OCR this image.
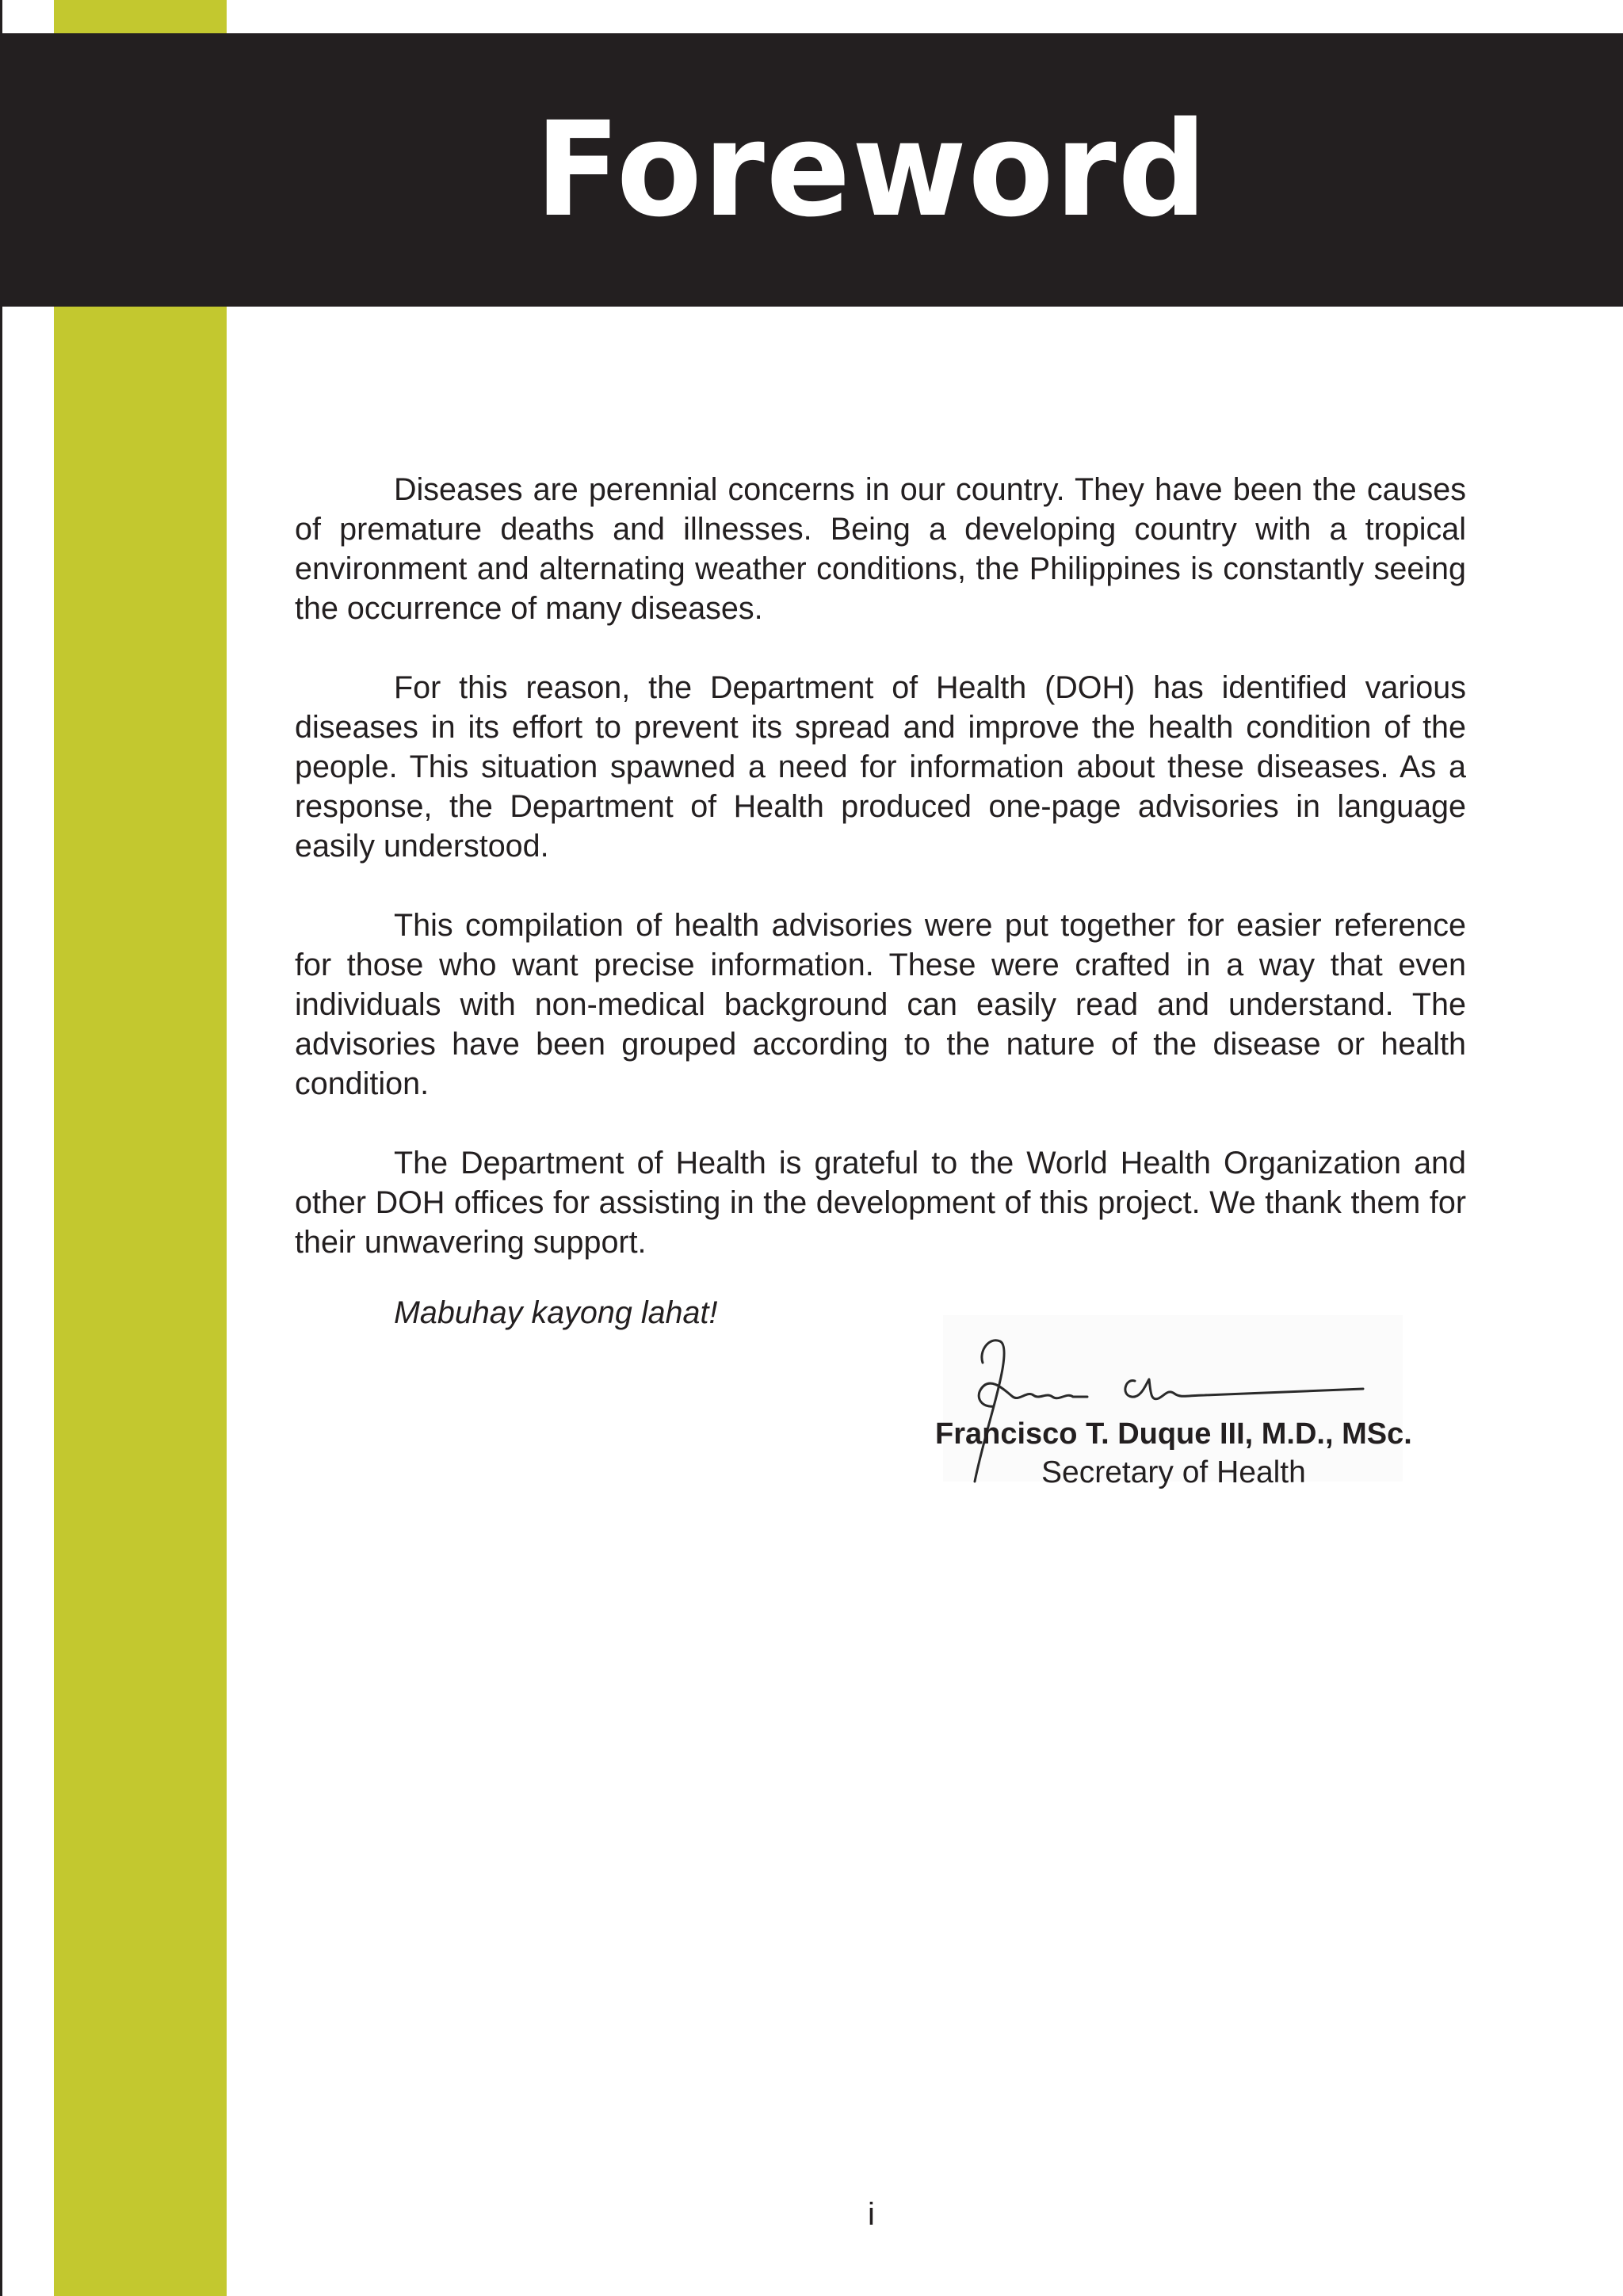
Foreword

Diseases are perennial concerns in our country. They have been the causes of premature deaths and illnesses. Being a developing country with a tropical environment and alternating weather conditions, the Philippines is constantly seeing the occurrence of many diseases.

For this reason, the Department of Health (DOH) has identified various diseases in its effort to prevent its spread and improve the health condition of the people. This situation spawned a need for information about these diseases. As a response, the Department of Health produced one-page advisories in language easily understood.

This compilation of health advisories were put together for easier reference for those who want precise information. These were crafted in a way that even individuals with non-medical background can easily read and understand. The advisories have been grouped according to the nature of the disease or health condition.

The Department of Health is grateful to the World Health Organization and other DOH offices for assisting in the development of this project. We thank them for their unwavering support.

Mabuhay kayong lahat!
Francisco T. Duque III, M.D., MSc.
Secretary of Health
i
